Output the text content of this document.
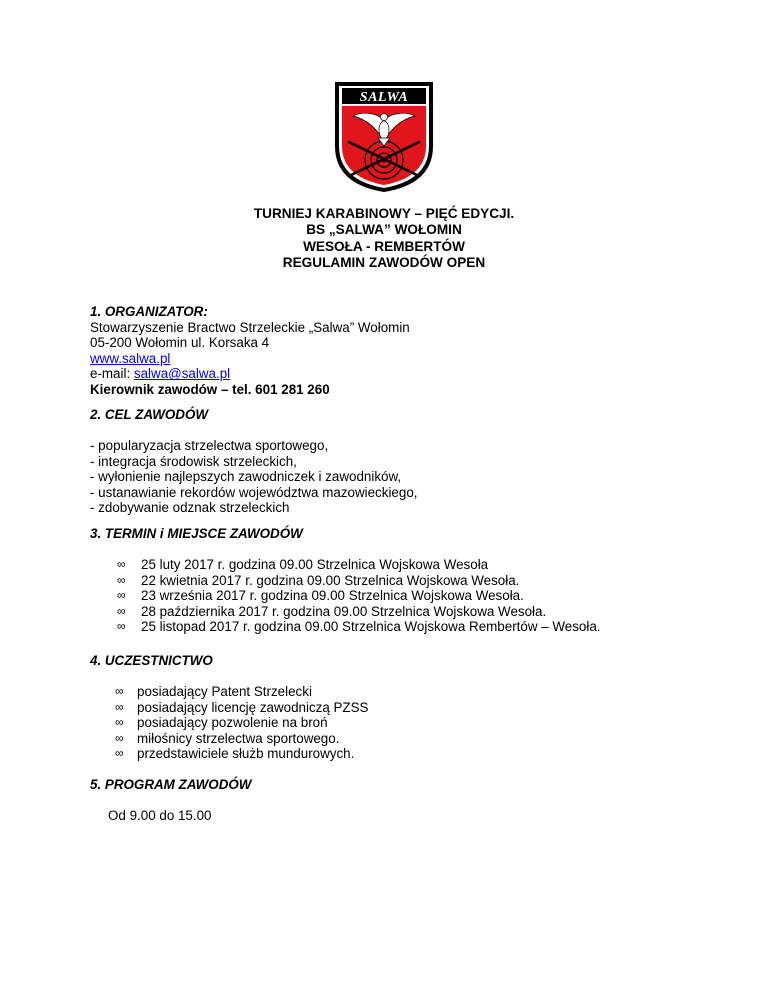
SALWA
TURNIEJ KARABINOWY – PIĘĆ EDYCJI.
BS „SALWA” WOŁOMIN
WESOŁA - REMBERTÓW
REGULAMIN ZAWODÓW OPEN
1. ORGANIZATOR:
Stowarzyszenie Bractwo Strzeleckie „Salwa” Wołomin
05-200 Wołomin ul. Korsaka 4
www.salwa.pl
e-mail: salwa@salwa.pl
Kierownik zawodów – tel. 601 281 260
2. CEL ZAWODÓW
- popularyzacja strzelectwa sportowego,
- integracja środowisk strzeleckich,
- wyłonienie najlepszych zawodniczek i zawodników,
- ustanawianie rekordów województwa mazowieckiego,
- zdobywanie odznak strzeleckich
3. TERMIN i MIEJSCE ZAWODÓW
∞ 25 luty 2017 r. godzina 09.00 Strzelnica Wojskowa Wesoła
∞ 22 kwietnia 2017 r. godzina 09.00 Strzelnica Wojskowa Wesoła.
∞ 23 września 2017 r. godzina 09.00 Strzelnica Wojskowa Wesoła.
∞ 28 października 2017 r. godzina 09.00 Strzelnica Wojskowa Wesoła.
∞ 25 listopad 2017 r. godzina 09.00 Strzelnica Wojskowa Rembertów – Wesoła.
4. UCZESTNICTWO
∞ posiadający Patent Strzelecki
∞ posiadający licencję zawodniczą PZSS
∞ posiadający pozwolenie na broń
∞ miłośnicy strzelectwa sportowego.
∞ przedstawiciele służb mundurowych.
5. PROGRAM ZAWODÓW
Od 9.00 do 15.00
